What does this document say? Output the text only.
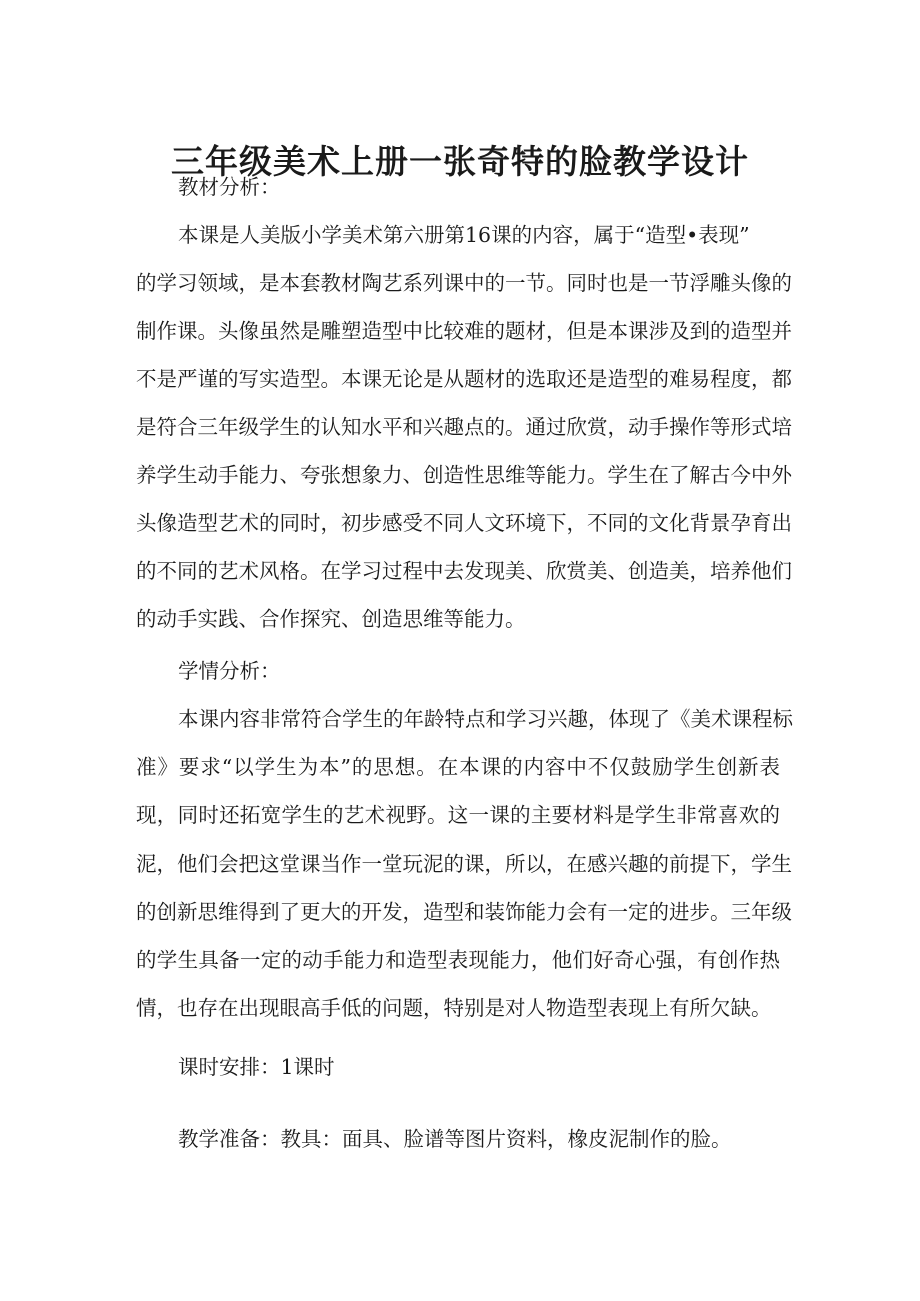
三年级美术上册一张奇特的脸教学设计

教材分析：

本课是人美版小学美术第六册第16课的内容，属于“造型•表现”

的学习领域，是本套教材陶艺系列课中的一节。同时也是一节浮雕头像的

制作课。头像虽然是雕塑造型中比较难的题材，但是本课涉及到的造型并

不是严谨的写实造型。本课无论是从题材的选取还是造型的难易程度，都

是符合三年级学生的认知水平和兴趣点的。通过欣赏，动手操作等形式培

养学生动手能力、夸张想象力、创造性思维等能力。学生在了解古今中外

头像造型艺术的同时，初步感受不同人文环境下，不同的文化背景孕育出

的不同的艺术风格。在学习过程中去发现美、欣赏美、创造美，培养他们

的动手实践、合作探究、创造思维等能力。

学情分析：

本课内容非常符合学生的年龄特点和学习兴趣，体现了《美术课程标

准》要求“以学生为本”的思想。在本课的内容中不仅鼓励学生创新表

现，同时还拓宽学生的艺术视野。这一课的主要材料是学生非常喜欢的

泥，他们会把这堂课当作一堂玩泥的课，所以，在感兴趣的前提下，学生

的创新思维得到了更大的开发，造型和装饰能力会有一定的进步。三年级

的学生具备一定的动手能力和造型表现能力，他们好奇心强，有创作热

情，也存在出现眼高手低的问题，特别是对人物造型表现上有所欠缺。

课时安排：1课时

教学准备：教具：面具、脸谱等图片资料，橡皮泥制作的脸。
